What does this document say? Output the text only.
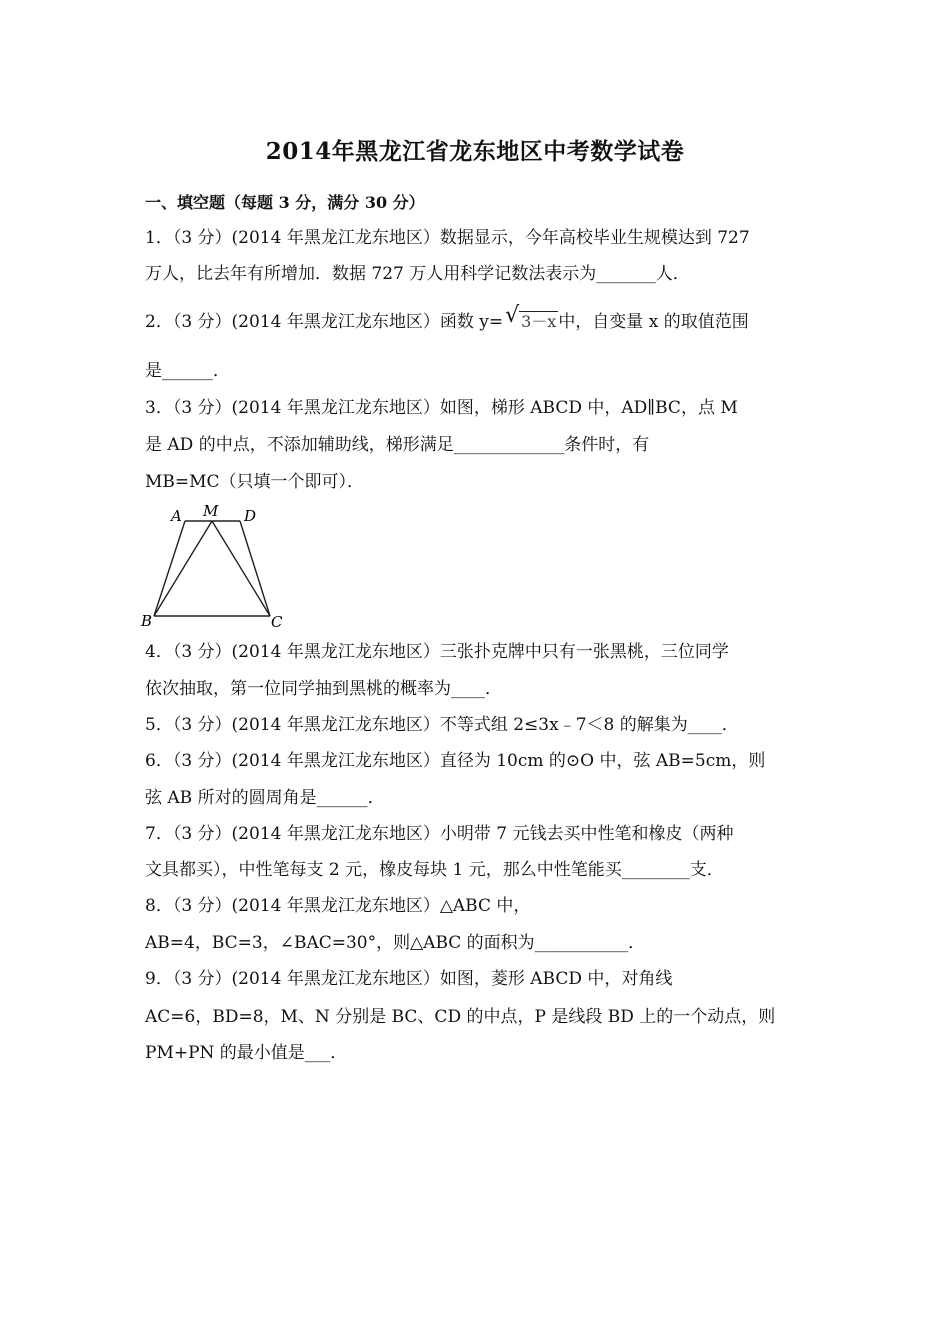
2014年黑龙江省龙东地区中考数学试卷
一、填空题（每题 3 分，满分 30 分）
1．（3 分）(2014 年黑龙江龙东地区）数据显示，今年高校毕业生规模达到 727
万人，比去年有所增加．数据 727 万人用科学记数法表示为_______人．
2．（3 分）(2014 年黑龙江龙东地区）函数 y= √ 3－x 中，自变量 x 的取值范围
是______．
3．（3 分）(2014 年黑龙江龙东地区）如图，梯形 ABCD 中，AD∥BC，点 M
是 AD 的中点，不添加辅助线，梯形满足_____________条件时，有
MB=MC（只填一个即可）．
A M D
B	C
4．（3 分）(2014 年黑龙江龙东地区）三张扑克牌中只有一张黑桃，三位同学
依次抽取，第一位同学抽到黑桃的概率为____．
5．（3 分）(2014 年黑龙江龙东地区）不等式组 2≤3x﹣7＜8 的解集为____．
6．（3 分）(2014 年黑龙江龙东地区）直径为 10cm 的⊙O 中，弦 AB=5cm，则
弦 AB 所对的圆周角是______．
7．（3 分）(2014 年黑龙江龙东地区）小明带 7 元钱去买中性笔和橡皮（两种
文具都买），中性笔每支 2 元，橡皮每块 1 元，那么中性笔能买________支．
8．（3 分）(2014 年黑龙江龙东地区）△ABC 中，
AB=4，BC=3，∠BAC=30°，则△ABC 的面积为___________．
9．（3 分）(2014 年黑龙江龙东地区）如图，菱形 ABCD 中，对角线
AC=6，BD=8，M、N 分别是 BC、CD 的中点，P 是线段 BD 上的一个动点，则
PM+PN 的最小值是___．
